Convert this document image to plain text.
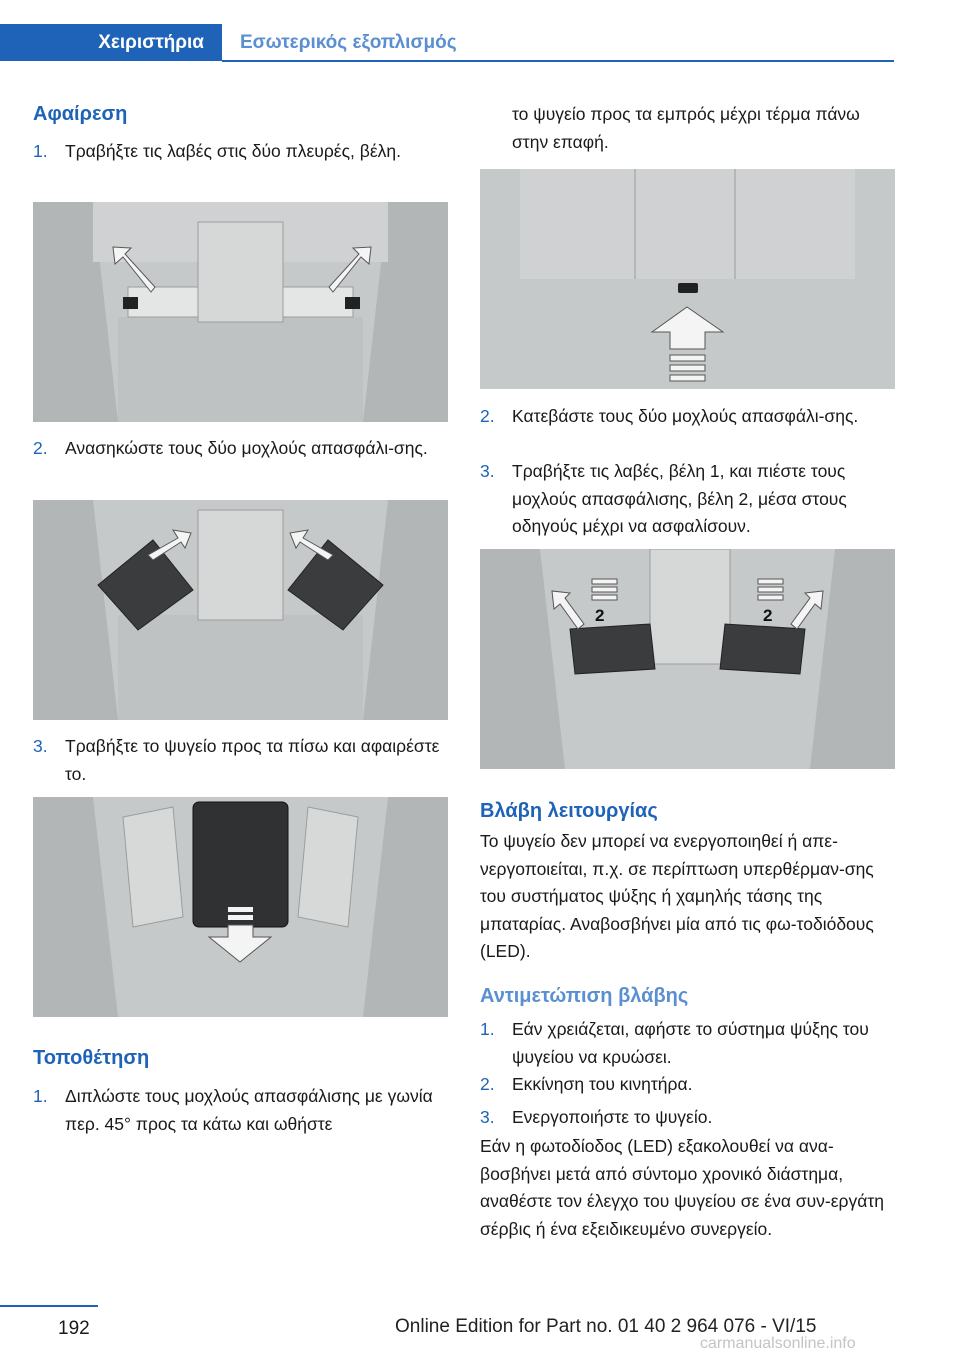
Χειριστήρια	Εσωτερικός εξοπλισμός
Αφαίρεση
1. Τραβήξτε τις λαβές στις δύο πλευρές, βέλη.
2. Ανασηκώστε τους δύο μοχλούς απασφάλι-σης.
3. Τραβήξτε το ψυγείο προς τα πίσω και αφαιρέστε το.
Τοποθέτηση
1. Διπλώστε τους μοχλούς απασφάλισης με γωνία περ. 45° προς τα κάτω και ωθήστε
το ψυγείο προς τα εμπρός μέχρι τέρμα πάνω στην επαφή.
2. Κατεβάστε τους δύο μοχλούς απασφάλι-σης.
3. Τραβήξτε τις λαβές, βέλη 1, και πιέστε τους μοχλούς απασφάλισης, βέλη 2, μέσα στους οδηγούς μέχρι να ασφαλίσουν.
2	2
Βλάβη λειτουργίας
Το ψυγείο δεν μπορεί να ενεργοποιηθεί ή απε-νεργοποιείται, π.χ. σε περίπτωση υπερθέρμαν-σης του συστήματος ψύξης ή χαμηλής τάσης της μπαταρίας. Αναβοσβήνει μία από τις φω-τοδιόδους (LED).
Αντιμετώπιση βλάβης
1. Εάν χρειάζεται, αφήστε το σύστημα ψύξης του ψυγείου να κρυώσει.
2. Εκκίνηση του κινητήρα.
3. Ενεργοποιήστε το ψυγείο.
Εάν η φωτοδίοδος (LED) εξακολουθεί να ανα-βοσβήνει μετά από σύντομο χρονικό διάστημα, αναθέστε τον έλεγχο του ψυγείου σε ένα συν-εργάτη σέρβις ή ένα εξειδικευμένο συνεργείο.
192	Online Edition for Part no. 01 40 2 964 076 - VI/15
carmanualsonline.info
